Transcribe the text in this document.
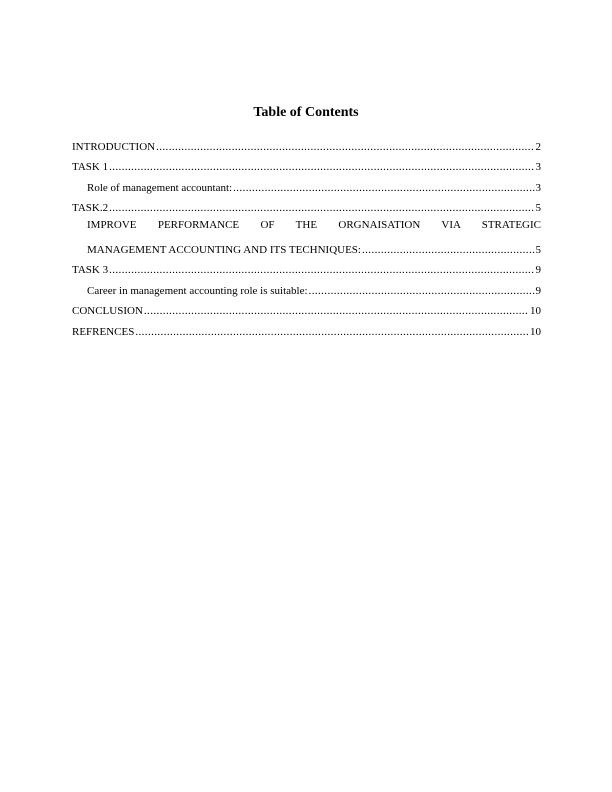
Table of Contents
INTRODUCTION .....	2
TASK 1 .....	3
Role of management accountant: .....	3
TASK.2 .....	5
IMPROVE PERFORMANCE OF THE ORGNAISATION VIA STRATEGIC
MANAGEMENT ACCOUNTING AND ITS TECHNIQUES: .....	5
TASK 3 .....	9
Career in management accounting role is suitable: .....	9
CONCLUSION .....	10
REFRENCES .....	10
